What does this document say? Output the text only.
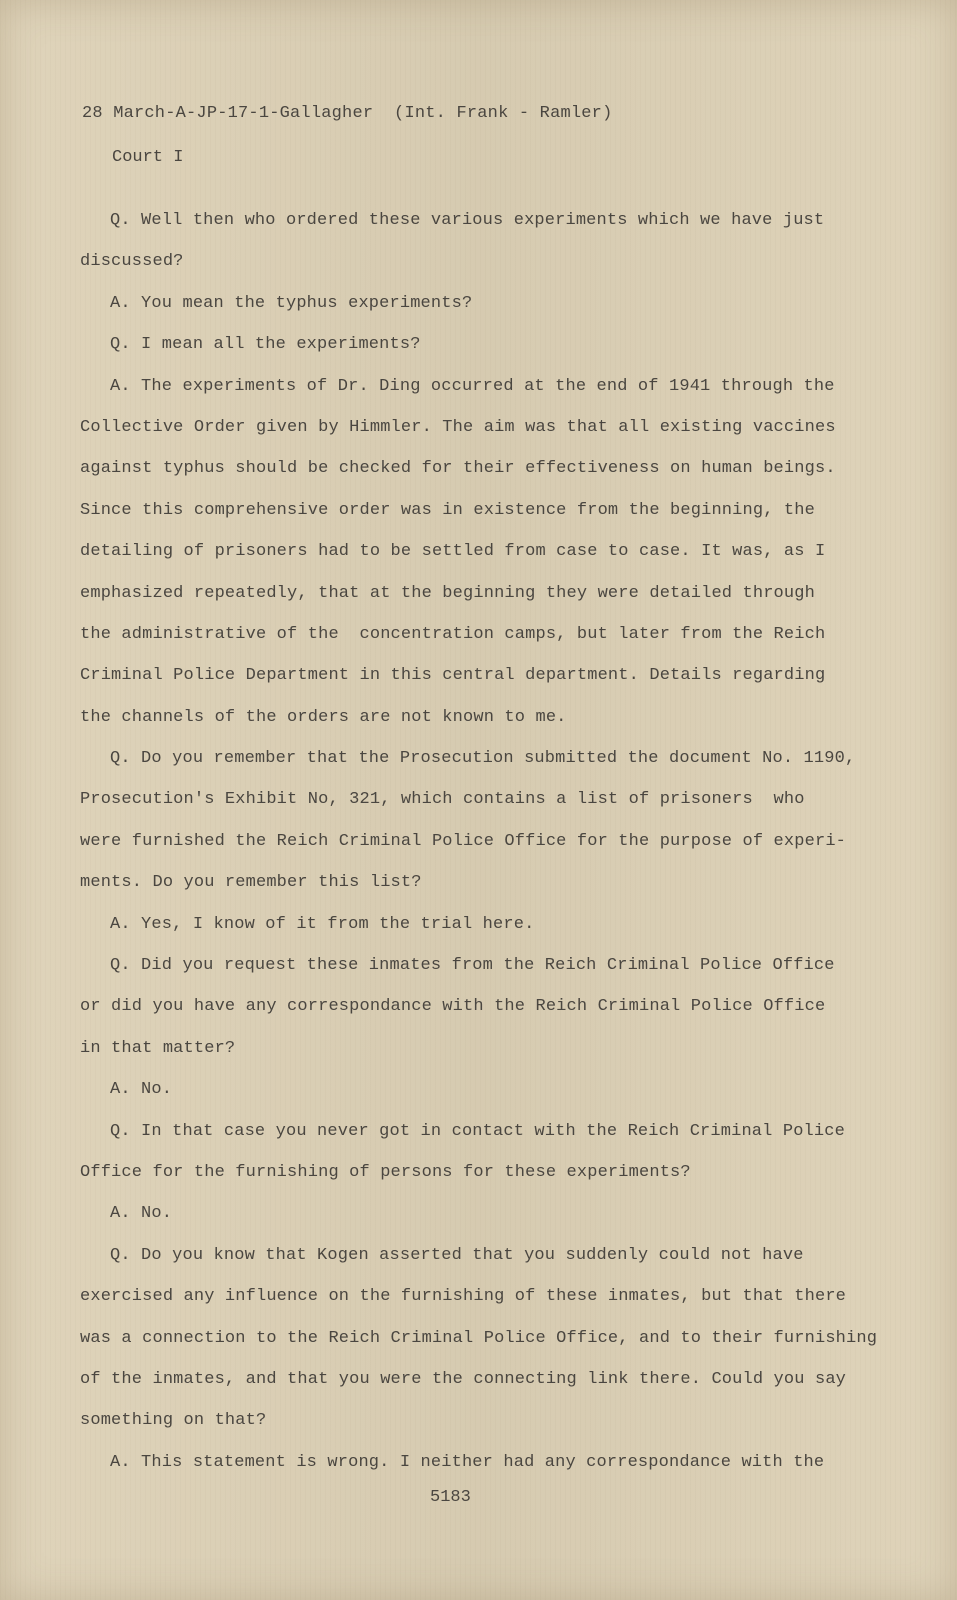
28 March-A-JP-17-1-Gallagher  (Int. Frank - Ramler)
Court I
Q. Well then who ordered these various experiments which we have just
discussed?
A. You mean the typhus experiments?
Q. I mean all the experiments?
A. The experiments of Dr. Ding occurred at the end of 1941 through the
Collective Order given by Himmler. The aim was that all existing vaccines
against typhus should be checked for their effectiveness on human beings.
Since this comprehensive order was in existence from the beginning, the
detailing of prisoners had to be settled from case to case. It was, as I
emphasized repeatedly, that at the beginning they were detailed through
the administrative of the  concentration camps, but later from the Reich
Criminal Police Department in this central department. Details regarding
the channels of the orders are not known to me.
Q. Do you remember that the Prosecution submitted the document No. 1190,
Prosecution's Exhibit No, 321, which contains a list of prisoners  who
were furnished the Reich Criminal Police Office for the purpose of experi-
ments. Do you remember this list?
A. Yes, I know of it from the trial here.
Q. Did you request these inmates from the Reich Criminal Police Office
or did you have any correspondance with the Reich Criminal Police Office
in that matter?
A. No.
Q. In that case you never got in contact with the Reich Criminal Police
Office for the furnishing of persons for these experiments?
A. No.
Q. Do you know that Kogen asserted that you suddenly could not have
exercised any influence on the furnishing of these inmates, but that there
was a connection to the Reich Criminal Police Office, and to their furnishing
of the inmates, and that you were the connecting link there. Could you say
something on that?
A. This statement is wrong. I neither had any correspondance with the
5183
